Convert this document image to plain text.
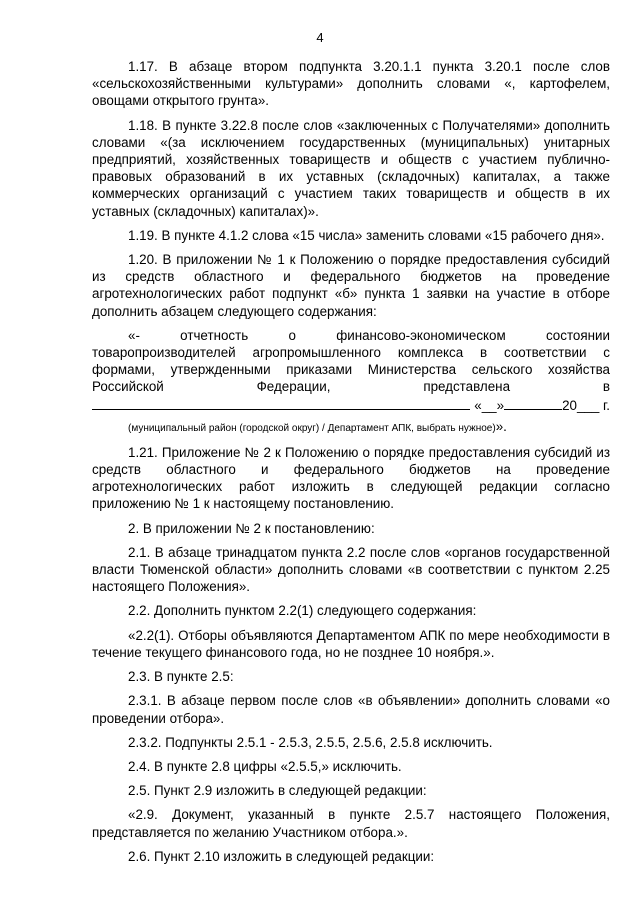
4

1.17. В абзаце втором подпункта 3.20.1.1 пункта 3.20.1 после слов «сельскохозяйственными культурами» дополнить словами «, картофелем, овощами открытого грунта».

1.18. В пункте 3.22.8 после слов «заключенных с Получателями» дополнить словами «(за исключением государственных (муниципальных) унитарных предприятий, хозяйственных товариществ и обществ с участием публично-правовых образований в их уставных (складочных) капиталах, а также коммерческих организаций с участием таких товариществ и обществ в их уставных (складочных) капиталах)».

1.19. В пункте 4.1.2 слова «15 числа» заменить словами «15 рабочего дня».

1.20. В приложении № 1 к Положению о порядке предоставления субсидий из средств областного и федерального бюджетов на проведение агротехнологических работ подпункт «б» пункта 1 заявки на участие в отборе дополнить абзацем следующего содержания:

«- отчетность о финансово-экономическом состоянии

товаропроизводителей агропромышленного комплекса в соответствии с

формами, утвержденными приказами Министерства сельского хозяйства

Российской Федерации, представлена в

«__»	20___ г.
(муниципальный район (городской округ) / Департамент АПК, выбрать нужное)».

1.21. Приложение № 2 к Положению о порядке предоставления субсидий из средств областного и федерального бюджетов на проведение агротехнологических работ изложить в следующей редакции согласно приложению № 1 к настоящему постановлению.

2. В приложении № 2 к постановлению:

2.1. В абзаце тринадцатом пункта 2.2 после слов «органов государственной власти Тюменской области» дополнить словами «в соответствии с пунктом 2.25 настоящего Положения».

2.2. Дополнить пунктом 2.2(1) следующего содержания:

«2.2(1). Отборы объявляются Департаментом АПК по мере необходимости в течение текущего финансового года, но не позднее 10 ноября.».

2.3. В пункте 2.5:

2.3.1. В абзаце первом после слов «в объявлении» дополнить словами «о проведении отбора».

2.3.2. Подпункты 2.5.1 - 2.5.3, 2.5.5, 2.5.6, 2.5.8 исключить.

2.4. В пункте 2.8 цифры «2.5.5,» исключить.

2.5. Пункт 2.9 изложить в следующей редакции:

«2.9. Документ, указанный в пункте 2.5.7 настоящего Положения, представляется по желанию Участником отбора.».

2.6. Пункт 2.10 изложить в следующей редакции:
